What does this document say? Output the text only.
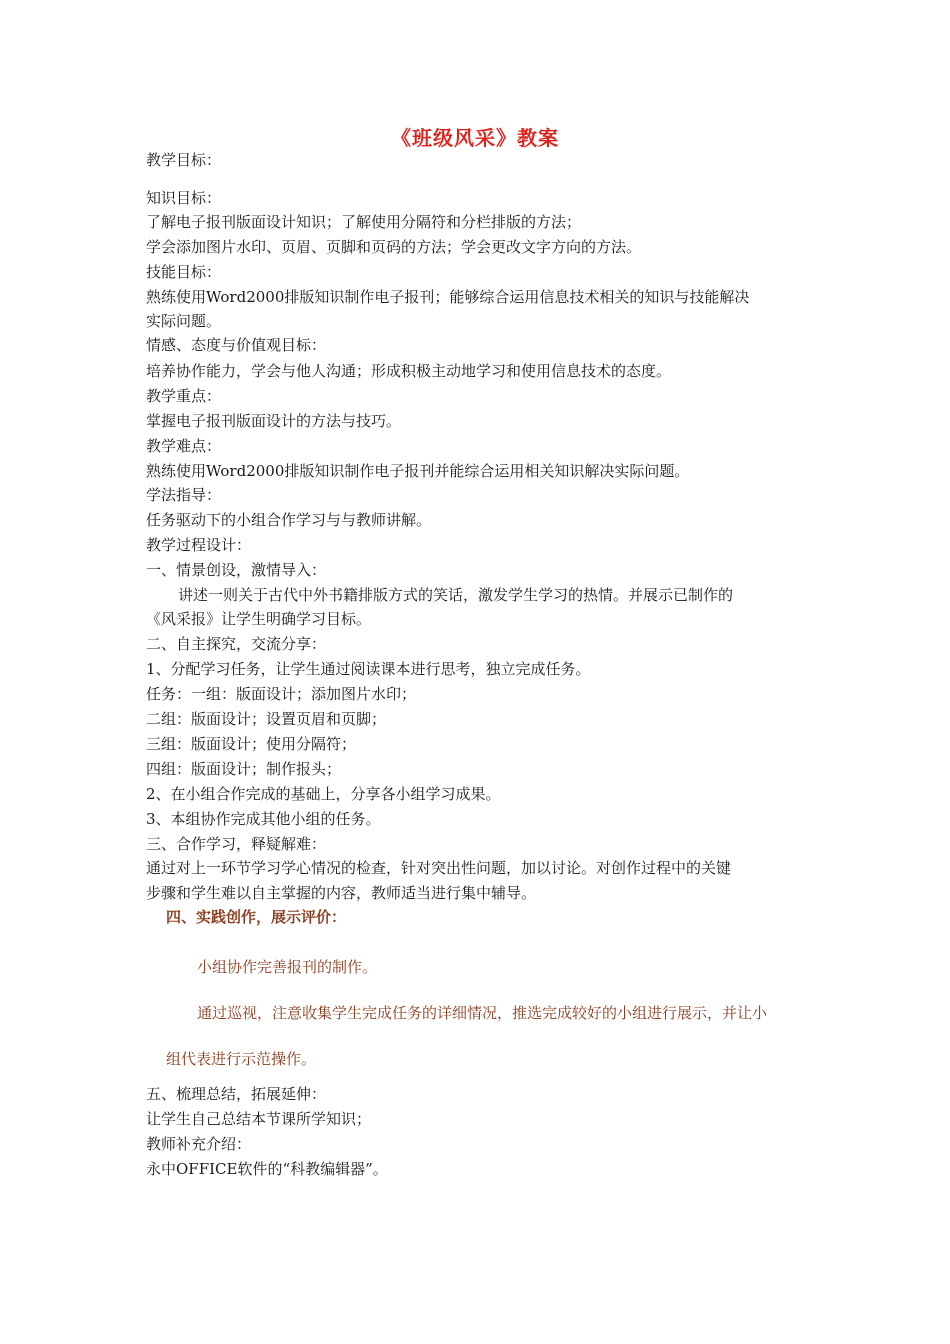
《班级风采》教案
教学目标：
知识目标：
了解电子报刊版面设计知识；了解使用分隔符和分栏排版的方法；
学会添加图片水印、页眉、页脚和页码的方法；学会更改文字方向的方法。
技能目标：
熟练使用Word2000排版知识制作电子报刊；能够综合运用信息技术相关的知识与技能解决
实际问题。
情感、态度与价值观目标：
培养协作能力，学会与他人沟通；形成积极主动地学习和使用信息技术的态度。
教学重点：
掌握电子报刊版面设计的方法与技巧。
教学难点：
熟练使用Word2000排版知识制作电子报刊并能综合运用相关知识解决实际问题。
学法指导：
任务驱动下的小组合作学习与与教师讲解。
教学过程设计：
一、情景创设，激情导入：
讲述一则关于古代中外书籍排版方式的笑话，激发学生学习的热情。并展示已制作的
《风采报》让学生明确学习目标。
二、自主探究，交流分享：
1、分配学习任务，让学生通过阅读课本进行思考，独立完成任务。
任务：一组：版面设计；添加图片水印；
二组：版面设计；设置页眉和页脚；
三组：版面设计；使用分隔符；
四组：版面设计；制作报头；
2、在小组合作完成的基础上，分享各小组学习成果。
3、本组协作完成其他小组的任务。
三、合作学习，释疑解难：
通过对上一环节学习学心情况的检查，针对突出性问题，加以讨论。对创作过程中的关键
步骤和学生难以自主掌握的内容，教师适当进行集中辅导。
四、实践创作，展示评价：
小组协作完善报刊的制作。
通过巡视，注意收集学生完成任务的详细情况，推选完成较好的小组进行展示，并让小
组代表进行示范操作。
五、梳理总结，拓展延伸：
让学生自己总结本节课所学知识；
教师补充介绍：
永中OFFICE软件的“科教编辑器”。
